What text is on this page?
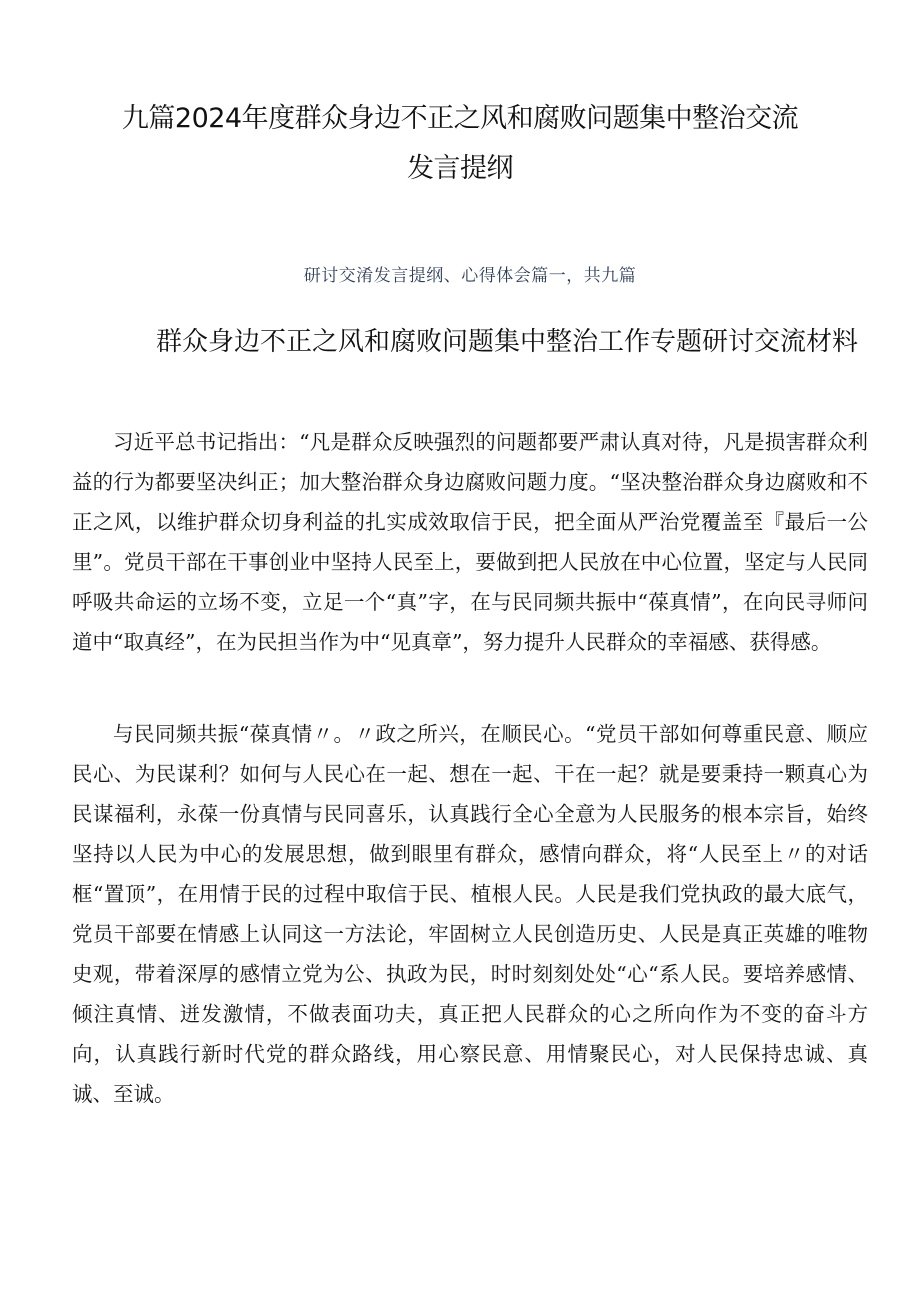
九篇2024年度群众身边不正之风和腐败问题集中整治交流发言提纲

研讨交淆发言提纲、心得体会篇一，共九篇

群众身边不正之风和腐败问题集中整治工作专题研讨交流材料

习近平总书记指出：“凡是群众反映强烈的问题都要严肃认真对待，凡是损害群众利益的行为都要坚决纠正；加大整治群众身边腐败问题力度。“坚决整治群众身边腐败和不正之风，以维护群众切身利益的扎实成效取信于民，把全面从严治党覆盖至『最后一公里”。党员干部在干事创业中坚持人民至上，要做到把人民放在中心位置，坚定与人民同呼吸共命运的立场不变，立足一个“真”字，在与民同频共振中“葆真情”，在向民寻师问道中“取真经”，在为民担当作为中“见真章”，努力提升人民群众的幸福感、获得感。

与民同频共振“葆真情〃。〃政之所兴，在顺民心。“党员干部如何尊重民意、顺应民心、为民谋利？如何与人民心在一起、想在一起、干在一起？就是要秉持一颗真心为民谋福利，永葆一份真情与民同喜乐，认真践行全心全意为人民服务的根本宗旨，始终坚持以人民为中心的发展思想，做到眼里有群众，感情向群众，将“人民至上〃的对话框“置顶”，在用情于民的过程中取信于民、植根人民。人民是我们党执政的最大底气，党员干部要在情感上认同这一方法论，牢固树立人民创造历史、人民是真正英雄的唯物史观，带着深厚的感情立党为公、执政为民，时时刻刻处处“心“系人民。要培养感情、倾注真情、迸发激情，不做表面功夫，真正把人民群众的心之所向作为不变的奋斗方向，认真践行新时代党的群众路线，用心察民意、用情聚民心，对人民保持忠诚、真诚、至诚。
